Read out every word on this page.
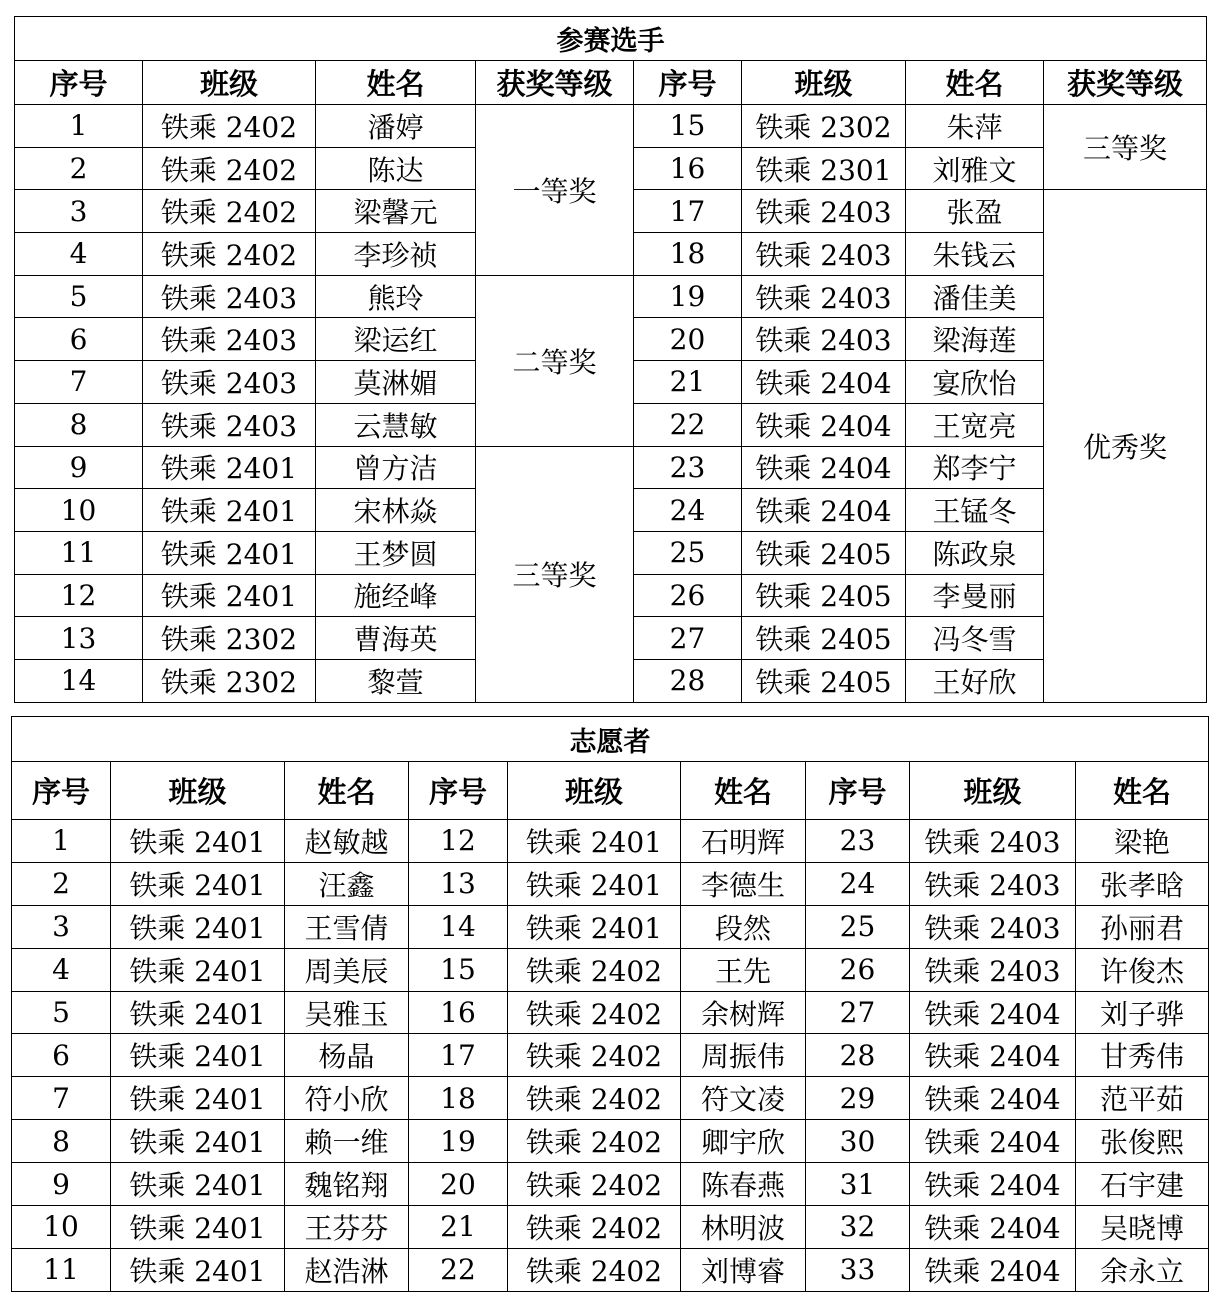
参赛选手							
序号	班级	姓名	获奖等级	序号	班级	姓名	获奖等级
1	铁乘 2402	潘婷	一等奖	15	铁乘 2302	朱萍	三等奖
2	铁乘 2402	陈达		16	铁乘 2301	刘雅文	
3	铁乘 2402	梁馨元		17	铁乘 2403	张盈	优秀奖
4	铁乘 2402	李珍祯		18	铁乘 2403	朱钱云	
5	铁乘 2403	熊玲	二等奖	19	铁乘 2403	潘佳美	
6	铁乘 2403	梁运红		20	铁乘 2403	梁海莲	
7	铁乘 2403	莫淋媚		21	铁乘 2404	宴欣怡	
8	铁乘 2403	云慧敏		22	铁乘 2404	王宽亮	
9	铁乘 2401	曾方洁	三等奖	23	铁乘 2404	郑李宁	
10	铁乘 2401	宋林焱		24	铁乘 2404	王锰冬	
11	铁乘 2401	王梦圆		25	铁乘 2405	陈政泉	
12	铁乘 2401	施经峰		26	铁乘 2405	李曼丽	
13	铁乘 2302	曹海英		27	铁乘 2405	冯冬雪	
14	铁乘 2302	黎萱		28	铁乘 2405	王好欣	
志愿者								
序号	班级	姓名	序号	班级	姓名	序号	班级	姓名
1	铁乘 2401	赵敏越	12	铁乘 2401	石明辉	23	铁乘 2403	梁艳
2	铁乘 2401	汪鑫	13	铁乘 2401	李德生	24	铁乘 2403	张孝晗
3	铁乘 2401	王雪倩	14	铁乘 2401	段然	25	铁乘 2403	孙丽君
4	铁乘 2401	周美辰	15	铁乘 2402	王先	26	铁乘 2403	许俊杰
5	铁乘 2401	吴雅玉	16	铁乘 2402	余树辉	27	铁乘 2404	刘子骅
6	铁乘 2401	杨晶	17	铁乘 2402	周振伟	28	铁乘 2404	甘秀伟
7	铁乘 2401	符小欣	18	铁乘 2402	符文凌	29	铁乘 2404	范平茹
8	铁乘 2401	赖一维	19	铁乘 2402	卿宇欣	30	铁乘 2404	张俊熙
9	铁乘 2401	魏铭翔	20	铁乘 2402	陈春燕	31	铁乘 2404	石宇建
10	铁乘 2401	王芬芬	21	铁乘 2402	林明波	32	铁乘 2404	吴晓博
11	铁乘 2401	赵浩淋	22	铁乘 2402	刘博睿	33	铁乘 2404	余永立
